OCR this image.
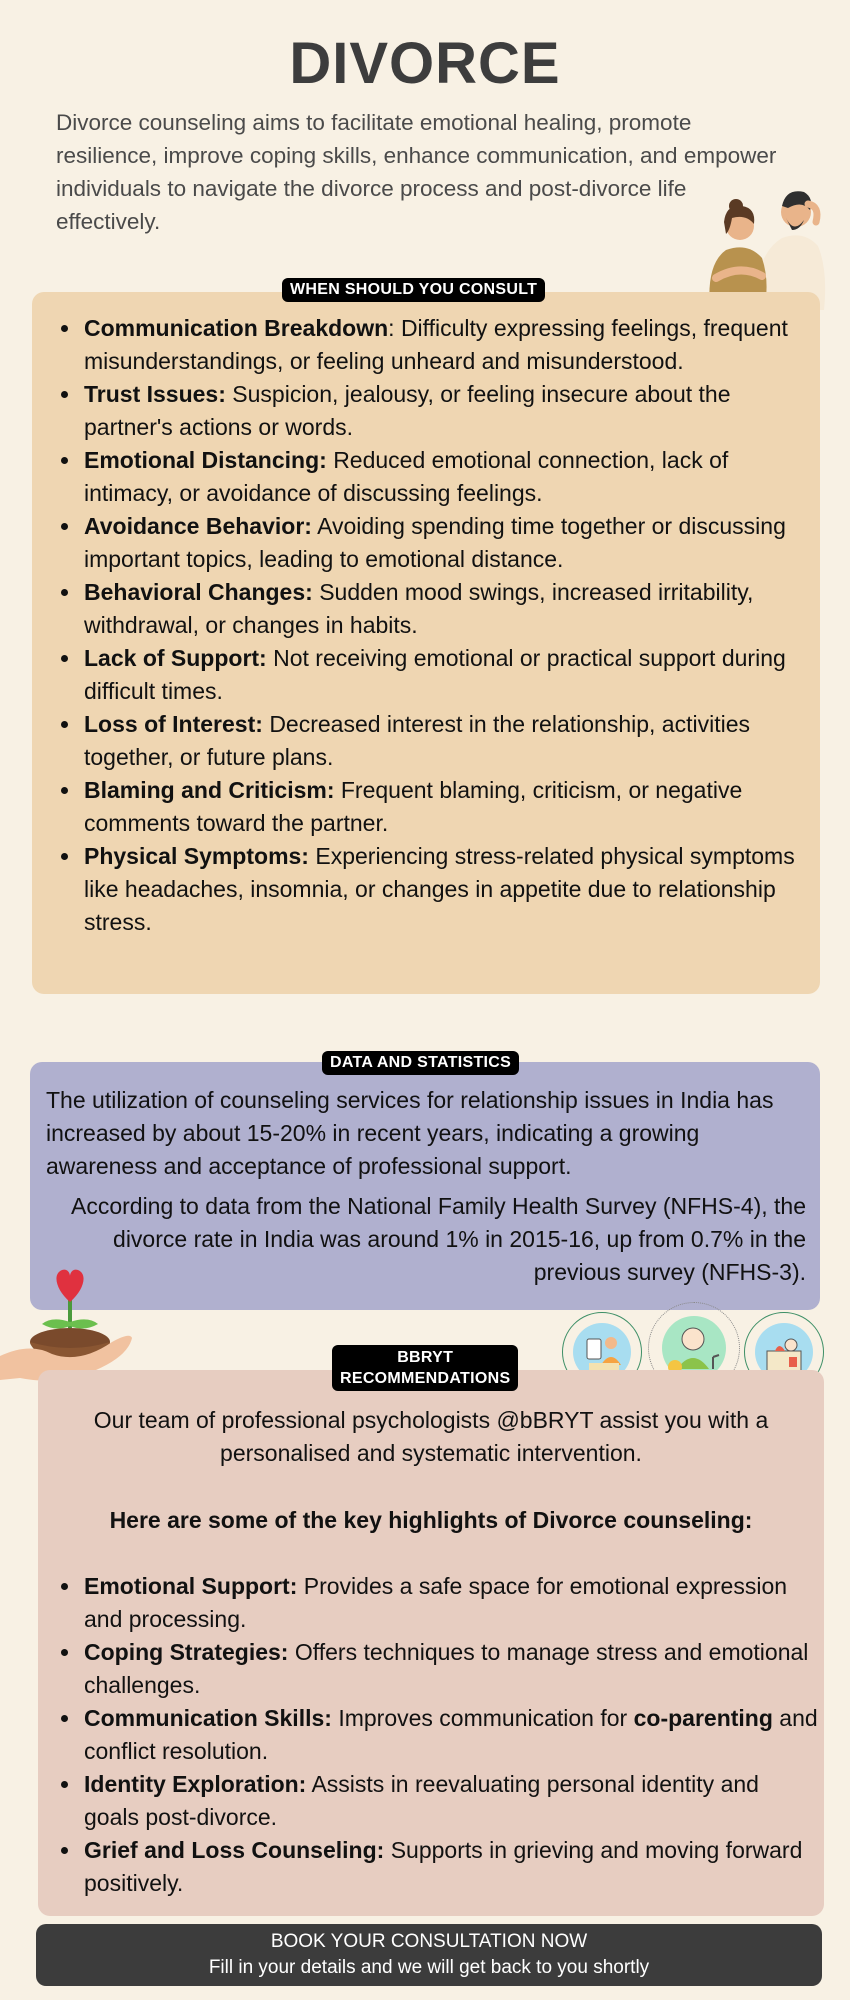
DIVORCE

Divorce counseling aims to facilitate emotional healing, promote resilience, improve coping skills, enhance communication, and empower individuals to navigate the divorce process and post-divorce life effectively.

• Communication Breakdown: Difficulty expressing feelings, frequent misunderstandings, or feeling unheard and misunderstood.
• Trust Issues: Suspicion, jealousy, or feeling insecure about the partner's actions or words.
• Emotional Distancing: Reduced emotional connection, lack of intimacy, or avoidance of discussing feelings.
• Avoidance Behavior: Avoiding spending time together or discussing important topics, leading to emotional distance.
• Behavioral Changes: Sudden mood swings, increased irritability, withdrawal, or changes in habits.
• Lack of Support: Not receiving emotional or practical support during difficult times.
• Loss of Interest: Decreased interest in the relationship, activities together, or future plans.
• Blaming and Criticism: Frequent blaming, criticism, or negative comments toward the partner.
• Physical Symptoms: Experiencing stress-related physical symptoms like headaches, insomnia, or changes in appetite due to relationship stress.
WHEN SHOULD YOU CONSULT

The utilization of counseling services for relationship issues in India has increased by about 15-20% in recent years, indicating a growing awareness and acceptance of professional support.

According to data from the National Family Health Survey (NFHS-4), the divorce rate in India was around 1% in 2015-16, up from 0.7% in the previous survey (NFHS-3).

DATA AND STATISTICS

Our team of professional psychologists @bBRYT assist you with a personalised and systematic intervention.

Here are some of the key highlights of Divorce counseling:

• Emotional Support: Provides a safe space for emotional expression and processing.
• Coping Strategies: Offers techniques to manage stress and emotional challenges.
• Communication Skills: Improves communication for co-parenting and conflict resolution.
• Identity Exploration: Assists in reevaluating personal identity and goals post-divorce.
• Grief and Loss Counseling: Supports in grieving and moving forward positively.
BBRYT
RECOMMENDATIONS
BOOK YOUR CONSULTATION NOW
Fill in your details and we will get back to you shortly
